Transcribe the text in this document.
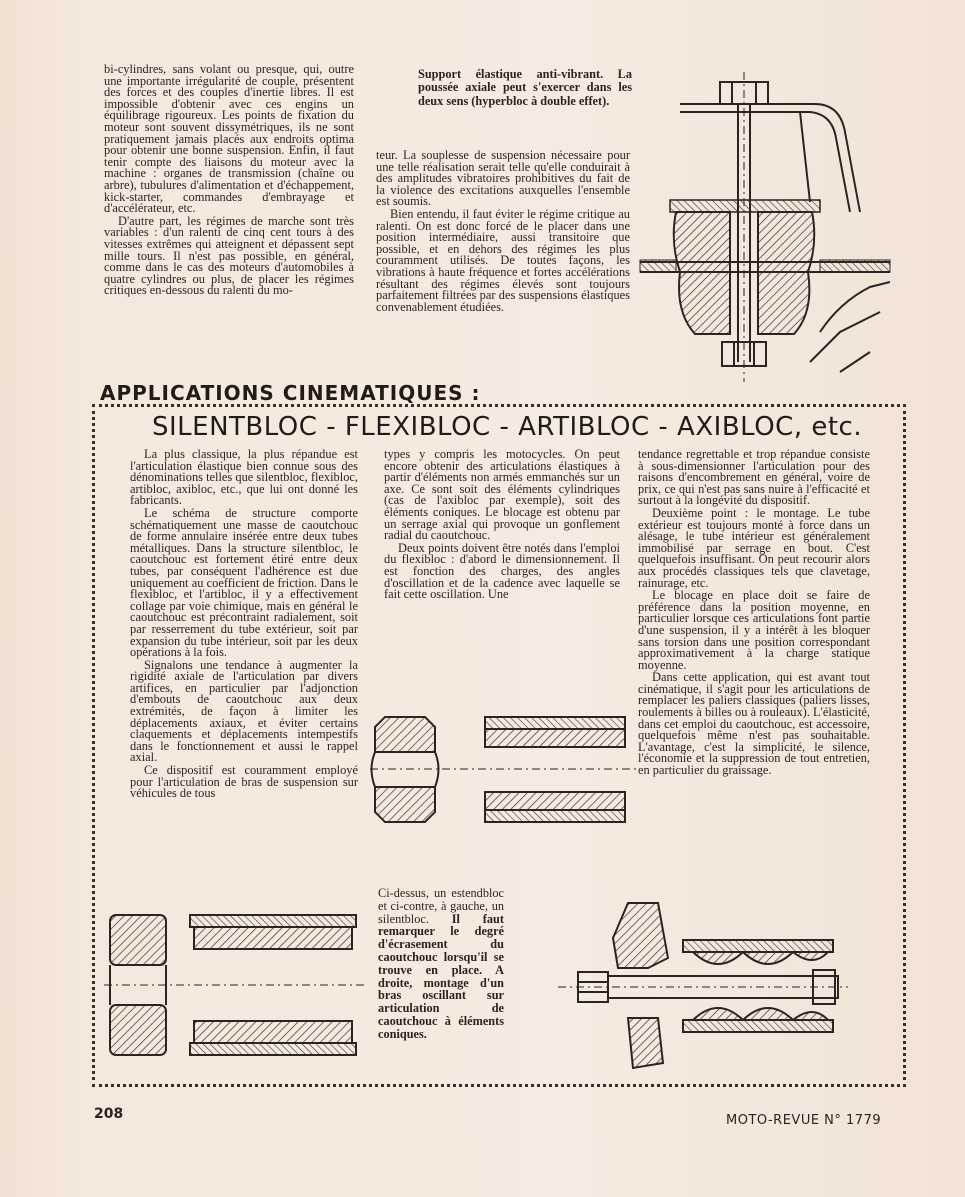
bi-cylindres, sans volant ou presque, qui, outre une importante irrégularité de couple, présentent des forces et des couples d'inertie libres. Il est impossible d'obtenir avec ces engins un équilibrage rigoureux. Les points de fixation du moteur sont souvent dissymétriques, ils ne sont pratiquement jamais placés aux endroits optima pour obtenir une bonne suspension. Enfin, il faut tenir compte des liaisons du moteur avec la machine : organes de transmission (chaîne ou arbre), tubulures d'alimentation et d'échappement, kick-starter, commandes d'embrayage et d'accélérateur, etc.

D'autre part, les régimes de marche sont très variables : d'un ralenti de cinq cent tours à des vitesses extrêmes qui atteignent et dépassent sept mille tours. Il n'est pas possible, en général, comme dans le cas des moteurs d'automobiles à quatre cylindres ou plus, de placer les régimes critiques en-dessous du ralenti du mo-

Support élastique anti-vibrant. La poussée axiale peut s'exercer dans les deux sens (hyperbloc à double effet).

teur. La souplesse de suspension nécessaire pour une telle réalisation serait telle qu'elle conduirait à des amplitudes vibratoires prohibitives du fait de la violence des excitations auxquelles l'ensemble est soumis.

Bien entendu, il faut éviter le régime critique au ralenti. On est donc forcé de le placer dans une position intermédiaire, aussi transitoire que possible, et en dehors des régimes les plus couramment utilisés. De toutes façons, les vibrations à haute fréquence et fortes accélérations résultant des régimes élevés sont toujours parfaitement filtrées par des suspensions élastiques convenablement étudiées.

APPLICATIONS CINEMATIQUES :
SILENTBLOC - FLEXIBLOC - ARTIBLOC - AXIBLOC, etc.

La plus classique, la plus répandue est l'articulation élastique bien connue sous des dénominations telles que silentbloc, flexibloc, artibloc, axibloc, etc., que lui ont donné les fabricants.

Le schéma de structure comporte schématiquement une masse de caoutchouc de forme annulaire insérée entre deux tubes métalliques. Dans la structure silentbloc, le caoutchouc est fortement étiré entre deux tubes, par conséquent l'adhérence est due uniquement au coefficient de friction. Dans le flexibloc, et l'artibloc, il y a effectivement collage par voie chimique, mais en général le caoutchouc est précontraint radialement, soit par resserrement du tube extérieur, soit par expansion du tube intérieur, soit par les deux opérations à la fois.

Signalons une tendance à augmenter la rigidité axiale de l'articulation par divers artifices, en particulier par l'adjonction d'embouts de caoutchouc aux deux extrémités, de façon à limiter les déplacements axiaux, et éviter certains claquements et déplacements intempestifs dans le fonctionnement et aussi le rappel axial.

Ce dispositif est couramment employé pour l'articulation de bras de suspension sur véhicules de tous

types y compris les motocycles. On peut encore obtenir des articulations élastiques à partir d'éléments non armés emmanchés sur un axe. Ce sont soit des éléments cylindriques (cas de l'axibloc par exemple), soit des éléments coniques. Le blocage est obtenu par un serrage axial qui provoque un gonflement radial du caoutchouc.

Deux points doivent être notés dans l'emploi du flexibloc : d'abord le dimensionnement. Il est fonction des charges, des angles d'oscillation et de la cadence avec laquelle se fait cette oscillation. Une

tendance regrettable et trop répandue consiste à sous-dimensionner l'articulation pour des raisons d'encombrement en général, voire de prix, ce qui n'est pas sans nuire à l'efficacité et surtout à la longévité du dispositif.

Deuxième point : le montage. Le tube extérieur est toujours monté à force dans un alésage, le tube intérieur est généralement immobilisé par serrage en bout. C'est quelquefois insuffisant. On peut recourir alors aux procédés classiques tels que clavetage, rainurage, etc.

Le blocage en place doit se faire de préférence dans la position moyenne, en particulier lorsque ces articulations font partie d'une suspension, il y a intérêt à les bloquer sans torsion dans une position correspondant approximativement à la charge statique moyenne.

Dans cette application, qui est avant tout cinématique, il s'agit pour les articulations de remplacer les paliers classiques (paliers lisses, roulements à billes ou à rouleaux). L'élasticité, dans cet emploi du caoutchouc, est accessoire, quelquefois même n'est pas souhaitable. L'avantage, c'est la simplicité, le silence, l'économie et la suppression de tout entretien, en particulier du graissage.

Ci-dessus, un estendbloc et ci-contre, à gauche, un silentbloc. Il faut remarquer le degré d'écrasement du caoutchouc lorsqu'il se trouve en place. A droite, montage d'un bras oscillant sur articulation de caoutchouc à éléments coniques.
208	MOTO-REVUE N° 1779
